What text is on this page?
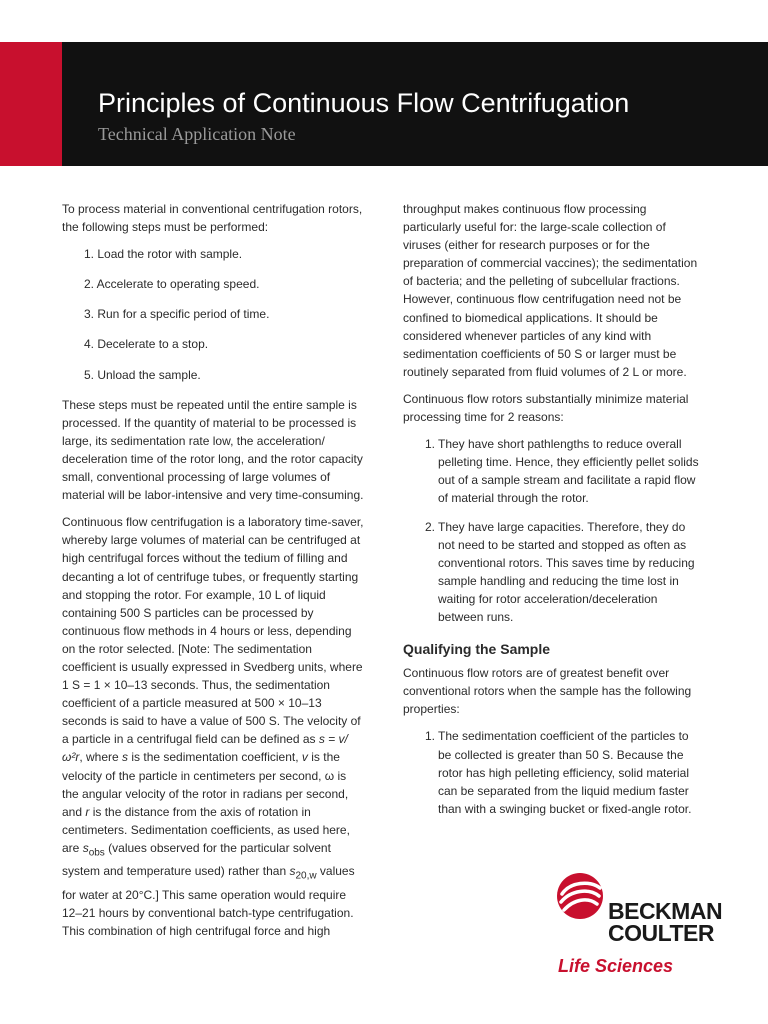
Principles of Continuous Flow Centrifugation
Technical Application Note

To process material in conventional centrifugation rotors, the following steps must be performed:

1. Load the rotor with sample.
2. Accelerate to operating speed.
3. Run for a specific period of time.
4. Decelerate to a stop.
5. Unload the sample.

These steps must be repeated until the entire sample is processed. If the quantity of material to be processed is large, its sedimentation rate low, the acceleration/ deceleration time of the rotor long, and the rotor capacity small, conventional processing of large volumes of material will be labor-intensive and very time-consuming.

Continuous flow centrifugation is a laboratory time-saver, whereby large volumes of material can be centrifuged at high centrifugal forces without the tedium of filling and decanting a lot of centrifuge tubes, or frequently starting and stopping the rotor. For example, 10 L of liquid containing 500 S particles can be processed by continuous flow methods in 4 hours or less, depending on the rotor selected. [Note: The sedimentation coefficient is usually expressed in Svedberg units, where 1 S = 1 × 10–13 seconds. Thus, the sedimentation coefficient of a particle measured at 500 × 10–13 seconds is said to have a value of 500 S. The velocity of a particle in a centrifugal field can be defined as s = v/ω²r, where s is the sedimentation coefficient, v is the velocity of the particle in centimeters per second, ω is the angular velocity of the rotor in radians per second, and r is the distance from the axis of rotation in centimeters. Sedimentation coefficients, as used here, are $s_{obs}$ (values observed for the particular solvent system and temperature used) rather than $s_{20,w}$ values for water at 20°C.] This same operation would require 12–21 hours by conventional batch-type centrifugation. This combination of high centrifugal force and high

throughput makes continuous flow processing particularly useful for: the large-scale collection of viruses (either for research purposes or for the preparation of commercial vaccines); the sedimentation of bacteria; and the pelleting of subcellular fractions. However, continuous flow centrifugation need not be confined to biomedical applications. It should be considered whenever particles of any kind with sedimentation coefficients of 50 S or larger must be routinely separated from fluid volumes of 2 L or more.

Continuous flow rotors substantially minimize material processing time for 2 reasons:

1. They have short pathlengths to reduce overall pelleting time. Hence, they efficiently pellet solids out of a sample stream and facilitate a rapid flow of material through the rotor.
2. They have large capacities. Therefore, they do not need to be started and stopped as often as conventional rotors. This saves time by reducing sample handling and reducing the time lost in waiting for rotor acceleration/deceleration between runs.
Qualifying the Sample

Continuous flow rotors are of greatest benefit over conventional rotors when the sample has the following properties:

1. The sedimentation coefficient of the particles to be collected is greater than 50 S. Because the rotor has high pelleting efficiency, solid material can be separated from the liquid medium faster than with a swinging bucket or fixed-angle rotor.
BECKMAN
COULTER
Life Sciences
